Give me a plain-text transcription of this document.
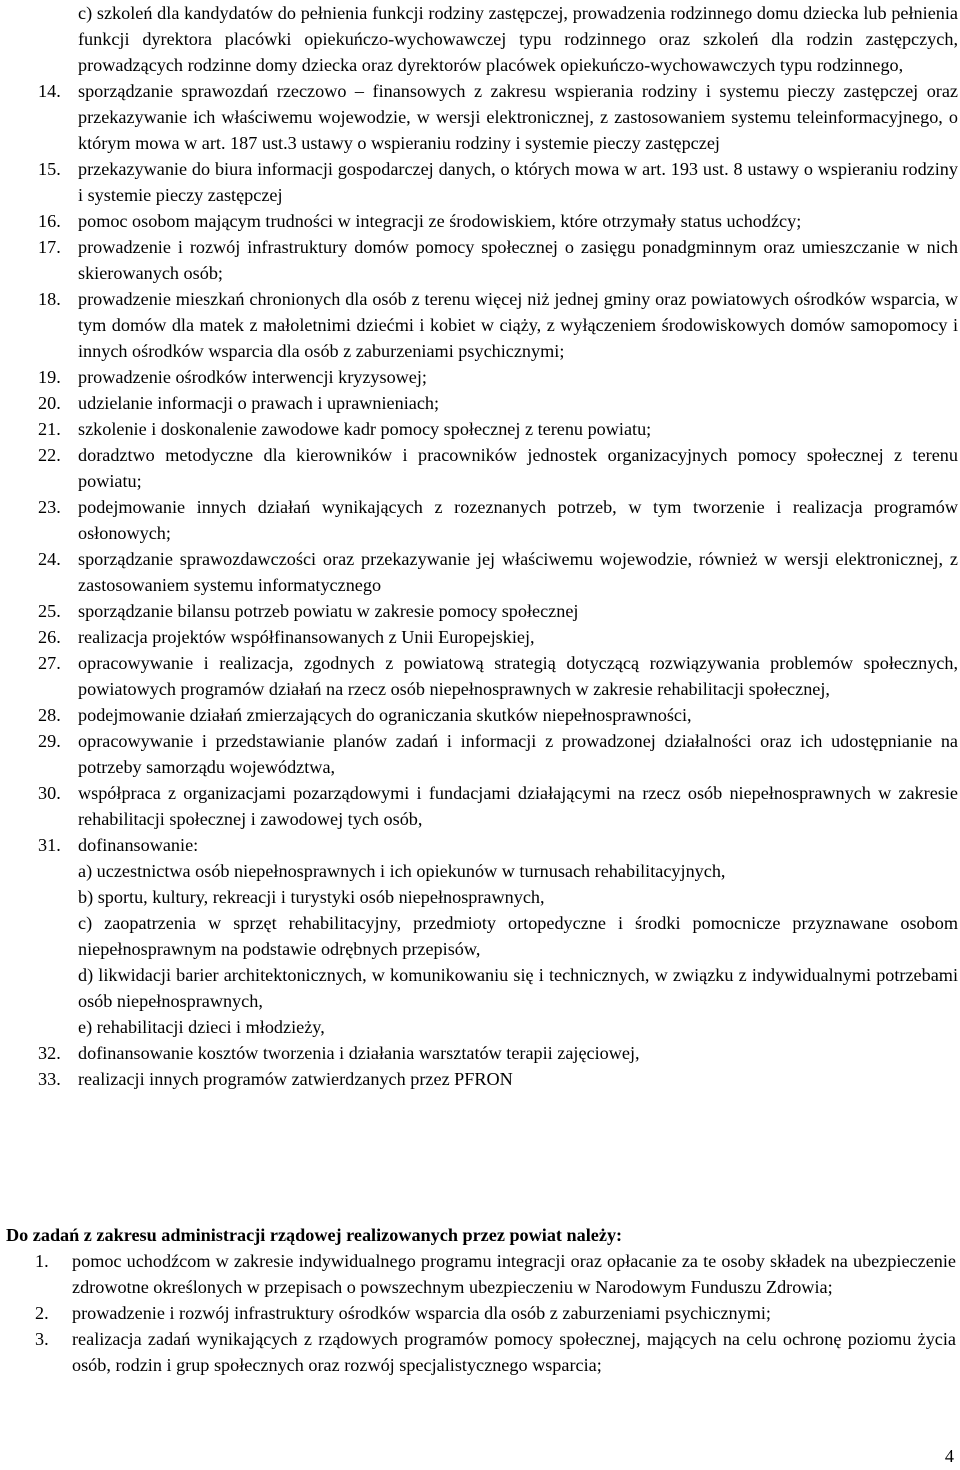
c) szkoleń dla kandydatów do pełnienia funkcji rodziny zastępczej, prowadzenia rodzinnego domu dziecka lub pełnienia funkcji dyrektora placówki opiekuńczo-wychowawczej typu rodzinnego oraz szkoleń dla rodzin zastępczych, prowadzących rodzinne domy dziecka oraz dyrektorów placówek opiekuńczo-wychowawczych typu rodzinnego,
14. sporządzanie sprawozdań rzeczowo – finansowych z zakresu wspierania rodziny i systemu pieczy zastępczej oraz przekazywanie ich właściwemu wojewodzie, w wersji elektronicznej, z zastosowaniem systemu teleinformacyjnego, o którym mowa w art. 187 ust.3 ustawy o wspieraniu rodziny i systemie pieczy zastępczej
15. przekazywanie do biura informacji gospodarczej danych, o których mowa w art. 193 ust. 8 ustawy o wspieraniu rodziny i systemie pieczy zastępczej
16. pomoc osobom mającym trudności w integracji ze środowiskiem, które otrzymały status uchodźcy;
17. prowadzenie i rozwój infrastruktury domów pomocy społecznej o zasięgu ponadgminnym oraz umieszczanie w nich skierowanych osób;
18. prowadzenie mieszkań chronionych dla osób z terenu więcej niż jednej gminy oraz powiatowych ośrodków wsparcia, w tym domów dla matek z małoletnimi dziećmi i kobiet w ciąży, z wyłączeniem środowiskowych domów samopomocy i innych ośrodków wsparcia dla osób z zaburzeniami psychicznymi;
19. prowadzenie ośrodków interwencji kryzysowej;
20. udzielanie informacji o prawach i uprawnieniach;
21. szkolenie i doskonalenie zawodowe kadr pomocy społecznej z terenu powiatu;
22. doradztwo metodyczne dla kierowników i pracowników jednostek organizacyjnych pomocy społecznej z terenu powiatu;
23. podejmowanie innych działań wynikających z rozeznanych potrzeb, w tym tworzenie i realizacja programów osłonowych;
24. sporządzanie sprawozdawczości oraz przekazywanie jej właściwemu wojewodzie, również w wersji elektronicznej, z zastosowaniem systemu informatycznego
25. sporządzanie bilansu potrzeb powiatu w zakresie pomocy społecznej
26. realizacja projektów współfinansowanych z Unii Europejskiej,
27. opracowywanie i realizacja, zgodnych z powiatową strategią dotyczącą rozwiązywania problemów społecznych, powiatowych programów działań na rzecz osób niepełnosprawnych w zakresie rehabilitacji społecznej,
28. podejmowanie działań zmierzających do ograniczania skutków niepełnosprawności,
29. opracowywanie i przedstawianie planów zadań i informacji z prowadzonej działalności oraz ich udostępnianie na potrzeby samorządu województwa,
30. współpraca z organizacjami pozarządowymi i fundacjami działającymi na rzecz osób niepełnosprawnych w zakresie rehabilitacji społecznej i zawodowej tych osób,
31. dofinansowanie:
a) uczestnictwa osób niepełnosprawnych i ich opiekunów w turnusach rehabilitacyjnych,
b) sportu, kultury, rekreacji i turystyki osób niepełnosprawnych,
c) zaopatrzenia w sprzęt rehabilitacyjny, przedmioty ortopedyczne i środki pomocnicze przyznawane osobom niepełnosprawnym na podstawie odrębnych przepisów,
d) likwidacji barier architektonicznych, w komunikowaniu się i technicznych, w związku z indywidualnymi potrzebami osób niepełnosprawnych,
e) rehabilitacji dzieci i młodzieży,
32. dofinansowanie kosztów tworzenia i działania warsztatów terapii zajęciowej,
33. realizacji innych programów zatwierdzanych przez PFRON
Do zadań z zakresu administracji rządowej realizowanych przez powiat należy:
1. pomoc uchodźcom w zakresie indywidualnego programu integracji oraz opłacanie za te osoby składek na ubezpieczenie zdrowotne określonych w przepisach o powszechnym ubezpieczeniu w Narodowym Funduszu Zdrowia;
2. prowadzenie i rozwój infrastruktury ośrodków wsparcia dla osób z zaburzeniami psychicznymi;
3. realizacja zadań wynikających z rządowych programów pomocy społecznej, mających na celu ochronę poziomu życia osób, rodzin i grup społecznych oraz rozwój specjalistycznego wsparcia;
4
